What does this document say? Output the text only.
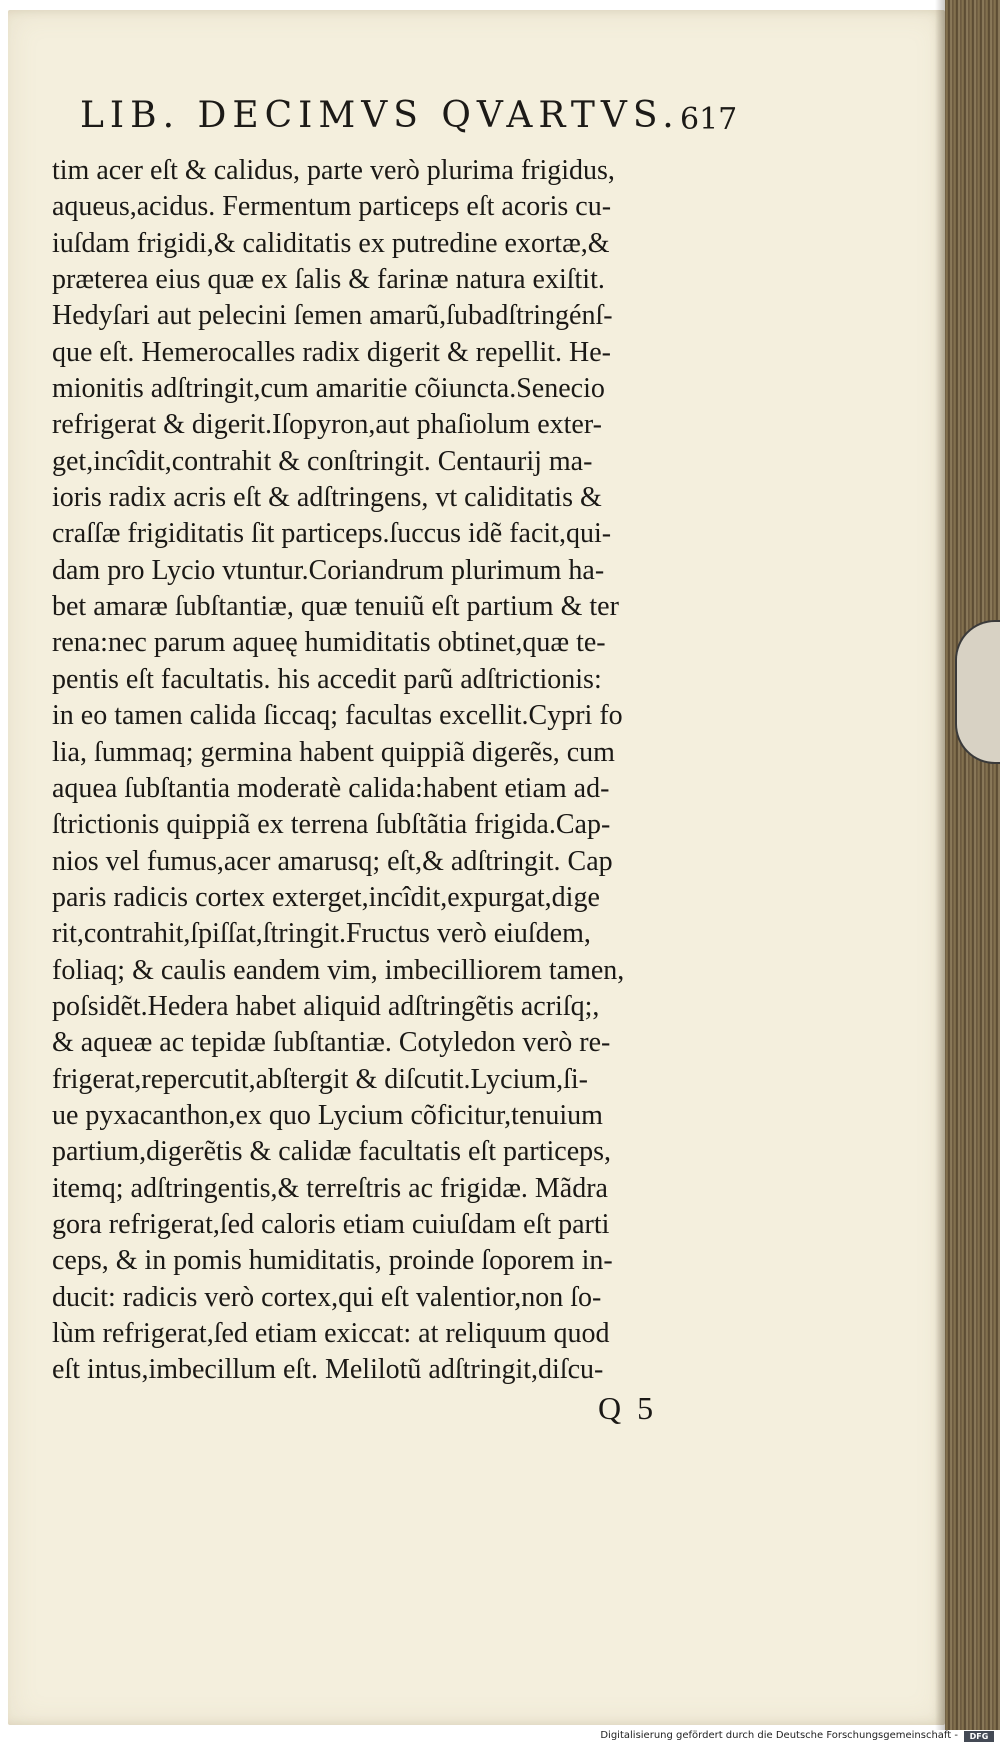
LIB. DECIMVS QVARTVS. 617
tim acer eſt & calidus, parte verò plurima frigidus,
aqueus,acidus. Fermentum particeps eſt acoris cu-
iuſdam frigidi,& caliditatis ex putredine exortæ,&
præterea eius quæ ex ſalis & farinæ natura exiſtit.
Hedyſari aut pelecini ſemen amarũ,ſubadſtringénſ-
que eſt. Hemerocalles radix digerit & repellit. He-
mionitis adſtringit,cum amaritie cõiuncta.Senecio
refrigerat & digerit.Iſopyron,aut phaſiolum exter-
get,incîdit,contrahit & conſtringit. Centaurij ma-
ioris radix acris eſt & adſtringens, vt caliditatis &
craſſæ frigiditatis ſit particeps.ſuccus idẽ facit,qui-
dam pro Lycio vtuntur.Coriandrum plurimum ha-
bet amaræ ſubſtantiæ, quæ tenuiũ eſt partium & ter
rena:nec parum aqueę humiditatis obtinet,quæ te-
pentis eſt facultatis. his accedit parũ adſtrictionis:
in eo tamen calida ſiccaq; facultas excellit.Cypri fo
lia, ſummaq; germina habent quippiã digerẽs, cum
aquea ſubſtantia moderatè calida:habent etiam ad-
ſtrictionis quippiã ex terrena ſubſtãtia frigida.Cap-
nios vel fumus,acer amarusq; eſt,& adſtringit. Cap
paris radicis cortex exterget,incîdit,expurgat,dige
rit,contrahit,ſpiſſat,ſtringit.Fructus verò eiuſdem,
foliaq; & caulis eandem vim, imbecilliorem tamen,
poſsidẽt.Hedera habet aliquid adſtringẽtis acriſq;,
& aqueæ ac tepidæ ſubſtantiæ. Cotyledon verò re-
frigerat,repercutit,abſtergit & diſcutit.Lycium,ſi-
ue pyxacanthon,ex quo Lycium cõficitur,tenuium
partium,digerẽtis & calidæ facultatis eſt particeps,
itemq; adſtringentis,& terreſtris ac frigidæ. Mãdra
gora refrigerat,ſed caloris etiam cuiuſdam eſt parti
ceps, & in pomis humiditatis, proinde ſoporem in-
ducit: radicis verò cortex,qui eſt valentior,non ſo-
lùm refrigerat,ſed etiam exiccat: at reliquum quod
eſt intus,imbecillum eſt. Melilotũ adſtringit,diſcu-
Q 5
Digitalisierung gefördert durch die Deutsche Forschungsgemeinschaft -	DFG
